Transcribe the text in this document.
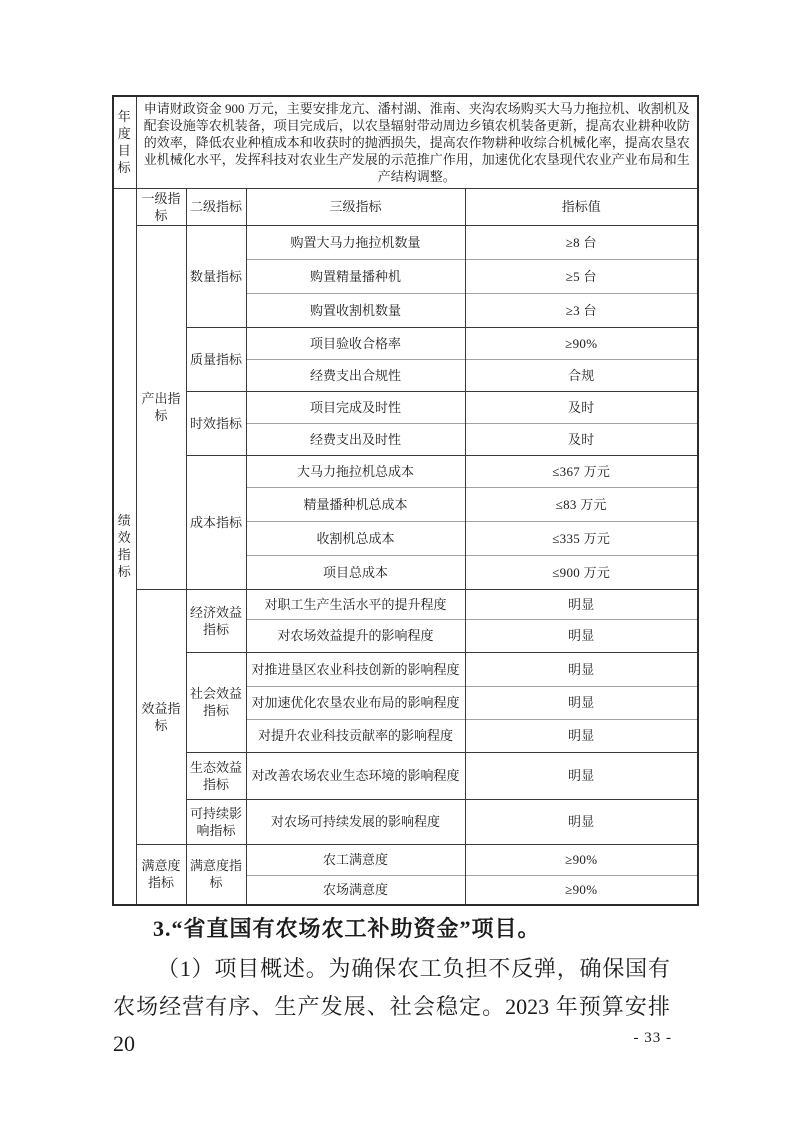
年度目标	申请财政资金 900 万元，主要安排龙亢、潘村湖、淮南、夹沟农场购买大马力拖拉机、收割机及配套设施等农机装备，项目完成后，以农垦辐射带动周边乡镇农机装备更新，提高农业耕种收防的效率，降低农业种植成本和收获时的抛洒损失，提高农作物耕种收综合机械化率，提高农垦农业机械化水平，发挥科技对农业生产发展的示范推广作用，加速优化农垦现代农业产业布局和生产结构调整。			
绩效指标	一级指标	二级指标	三级指标	指标值
	产出指标	数量指标	购置大马力拖拉机数量	≥8 台
			购置精量播种机	≥5 台
			购置收割机数量	≥3 台
		质量指标	项目验收合格率	≥90%
			经费支出合规性	合规
		时效指标	项目完成及时性	及时
			经费支出及时性	及时
		成本指标	大马力拖拉机总成本	≤367 万元
			精量播种机总成本	≤83 万元
			收割机总成本	≤335 万元
			项目总成本	≤900 万元
	效益指标	经济效益指标	对职工生产生活水平的提升程度	明显
			对农场效益提升的影响程度	明显
		社会效益指标	对推进垦区农业科技创新的影响程度	明显
			对加速优化农垦农业布局的影响程度	明显
			对提升农业科技贡献率的影响程度	明显
		生态效益指标	对改善农场农业生态环境的影响程度	明显
		可持续影响指标	对农场可持续发展的影响程度	明显
	满意度指标	满意度指标	农工满意度	≥90%
			农场满意度	≥90%
3.“省直国有农场农工补助资金”项目。
（1）项目概述。为确保农工负担不反弹，确保国有
农场经营有序、生产发展、社会稳定。2023 年预算安排 20	- 33 -
